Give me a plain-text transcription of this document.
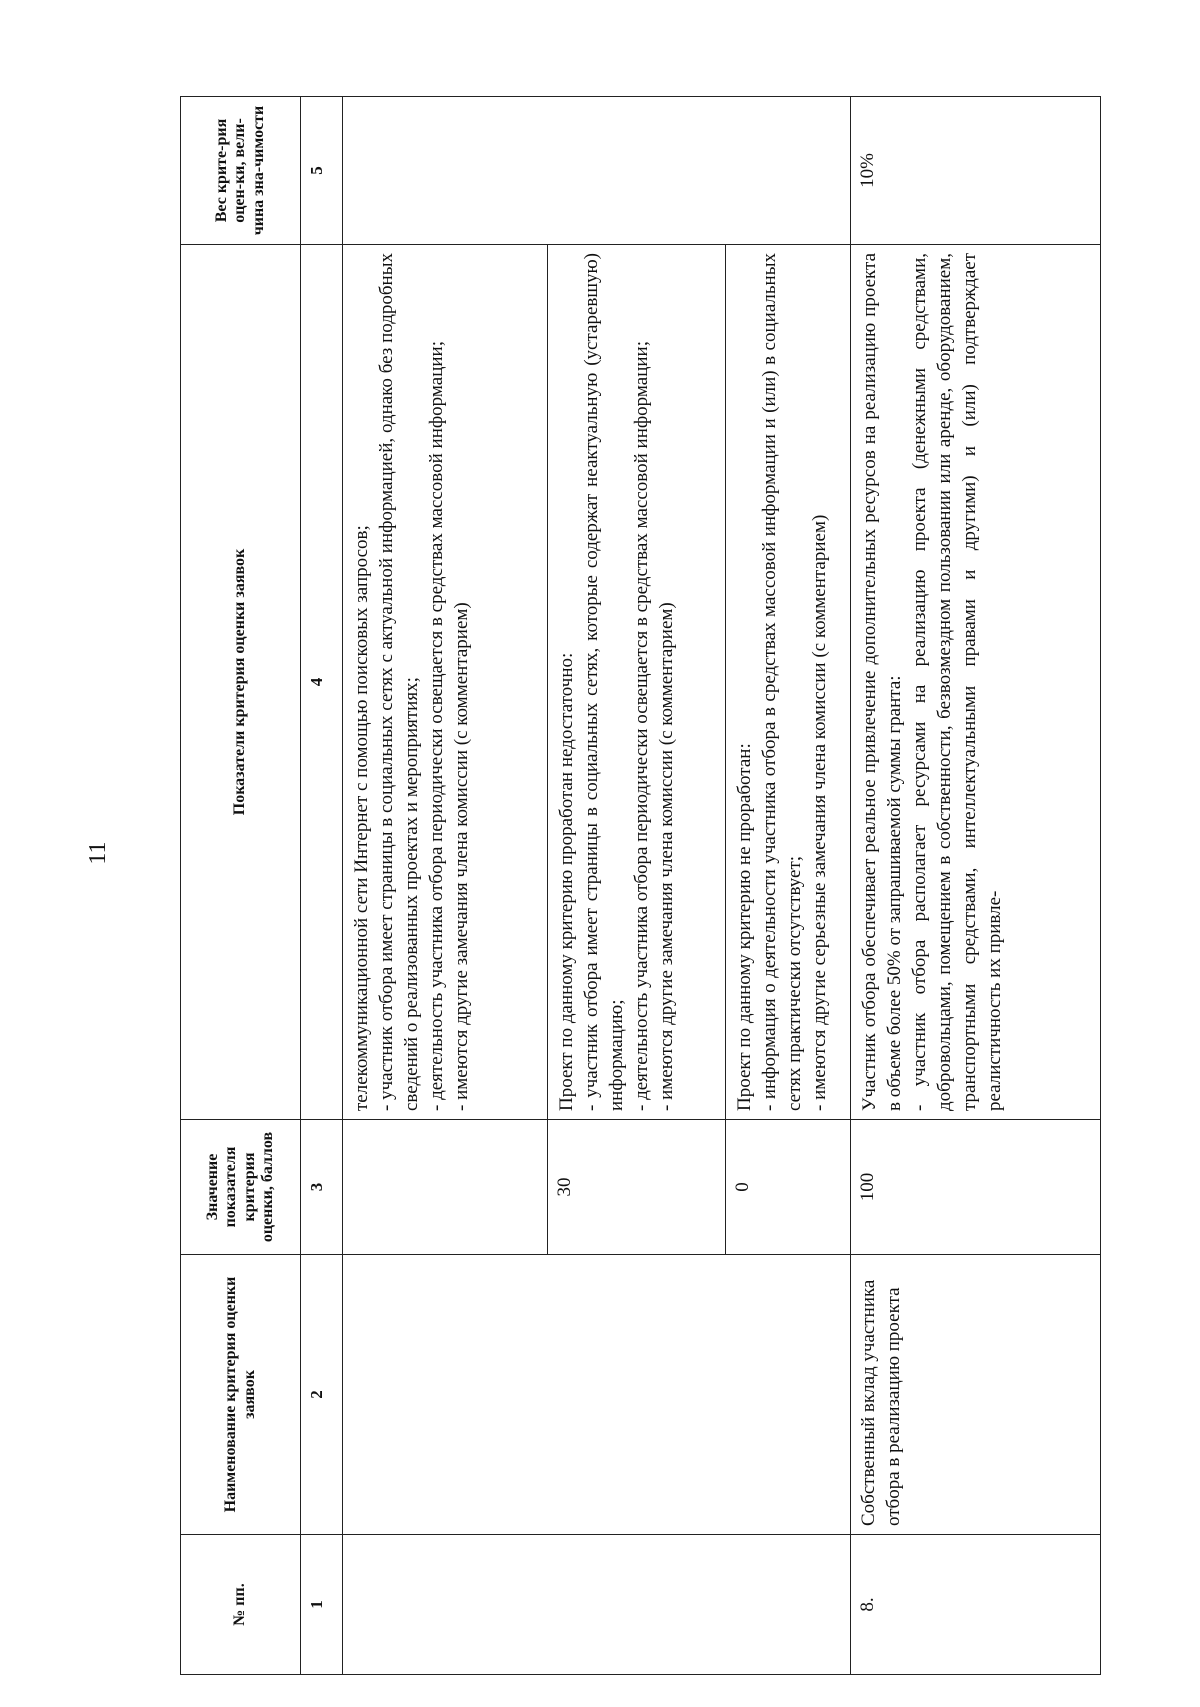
11
№ пп.	Наименование критерия оценки заявок	Значение показателя критерия оценки, баллов	Показатели критерия оценки заявок	Вес крите-рия оцен-ки, вели-чина зна-чимости
1	2	3	4	5

			телекоммуникационной сети Интернет с помощью поисковых запросов; - участник отбора имеет страницы в социальных сетях с актуальной информацией, однако без подробных сведений о реализованных проектах и мероприятиях; - деятельность участника отбора периодически освещается в средствах массовой информации; - имеются другие замечания члена комиссии (с комментарием)	

		30	Проект по данному критерию проработан недостаточно: - участник отбора имеет страницы в социальных сетях, которые содержат неактуальную (устаревшую) информацию; - деятельность участника отбора периодически освещается в средствах массовой информации; - имеются другие замечания члена комиссии (с комментарием)	

		0	Проект по данному критерию не проработан: - информация о деятельности участника отбора в средствах массовой информации и (или) в социальных сетях практически отсутствует; - имеются другие серьезные замечания члена комиссии (с комментарием)	

8.	Собственный вклад участника отбора в реализацию проекта	100	Участник отбора обеспечивает реальное привлечение дополнительных ресурсов на реализацию проекта в объеме более 50% от запрашиваемой суммы гранта: - участник отбора располагает ресурсами на реализацию проекта (денежными средствами, добровольцами, помещением в собственности, безвозмездном пользовании или аренде, оборудованием, транспортными средствами, интеллектуальными правами и другими) и (или) подтверждает реалистичность их привле-	10%
